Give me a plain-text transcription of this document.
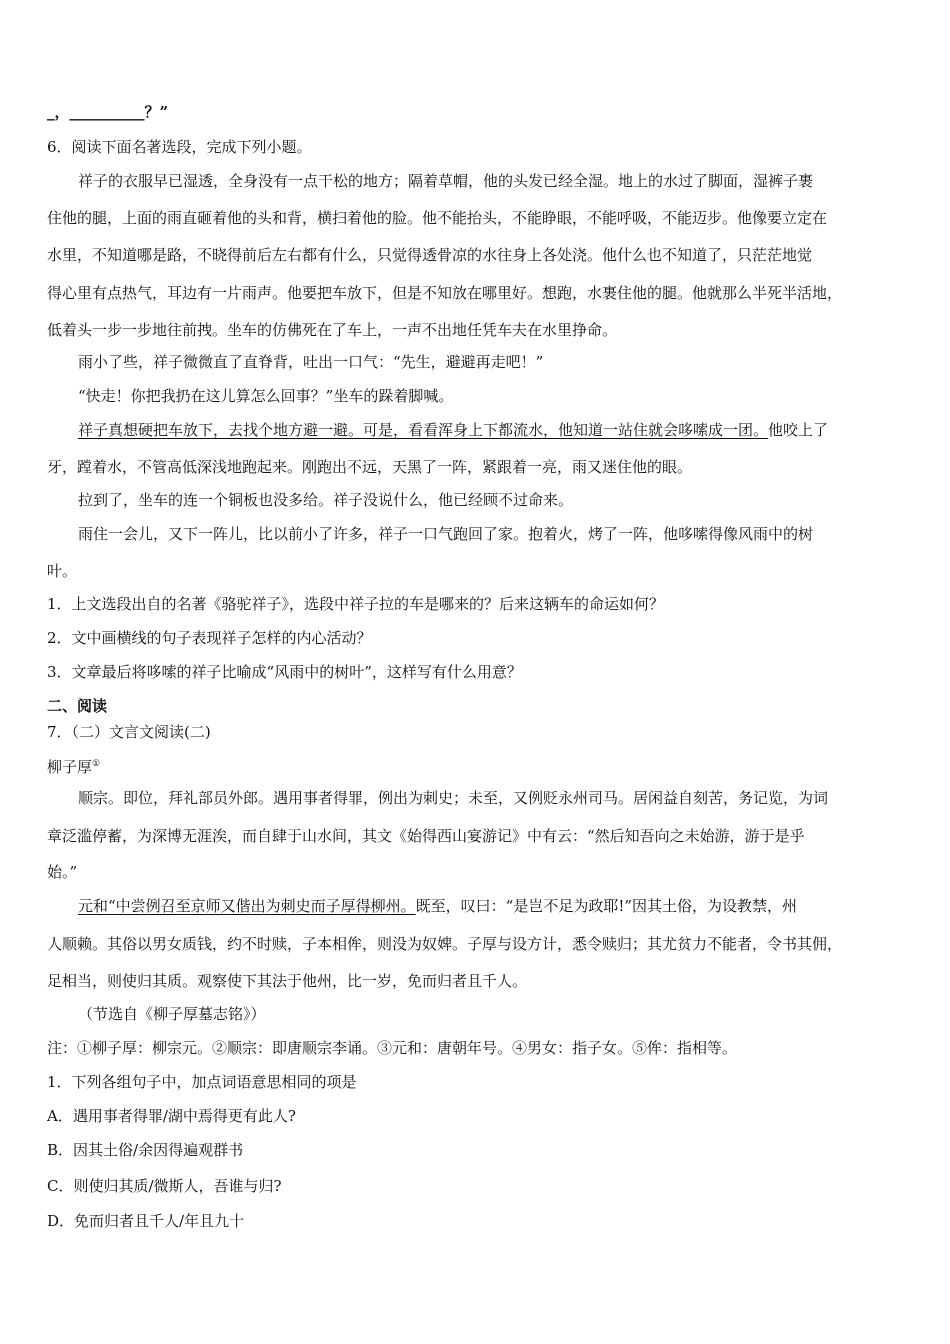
_，__________？”
6．阅读下面名著选段，完成下列小题。
祥子的衣服早已湿透，全身没有一点干松的地方；隔着草帽，他的头发已经全湿。地上的水过了脚面，湿裤子裹
住他的腿，上面的雨直砸着他的头和背，横扫着他的脸。他不能抬头，不能睁眼，不能呼吸，不能迈步。他像要立定在
水里，不知道哪是路，不晓得前后左右都有什么，只觉得透骨凉的水往身上各处浇。他什么也不知道了，只茫茫地觉
得心里有点热气，耳边有一片雨声。他要把车放下，但是不知放在哪里好。想跑，水裹住他的腿。他就那么半死半活地，
低着头一步一步地往前拽。坐车的仿佛死在了车上，一声不出地任凭车夫在水里挣命。
雨小了些，祥子微微直了直脊背，吐出一口气：“先生，避避再走吧！”
“快走！你把我扔在这儿算怎么回事？”坐车的跺着脚喊。
祥子真想硬把车放下，去找个地方避一避。可是，看看浑身上下都流水，他知道一站住就会哆嗦成一团。他咬上了
牙，蹚着水，不管高低深浅地跑起来。刚跑出不远，天黑了一阵，紧跟着一亮，雨又迷住他的眼。
拉到了，坐车的连一个铜板也没多给。祥子没说什么，他已经顾不过命来。
雨住一会儿，又下一阵儿，比以前小了许多，祥子一口气跑回了家。抱着火，烤了一阵，他哆嗦得像风雨中的树
叶。
1．上文选段出自的名著《骆驼祥子》，选段中祥子拉的车是哪来的？后来这辆车的命运如何？
2．文中画横线的句子表现祥子怎样的内心活动？
3．文章最后将哆嗦的祥子比喻成“风雨中的树叶”，这样写有什么用意？
二、阅读
7．（二）文言文阅读(二)
柳子厚①
顺宗。即位，拜礼部员外郎。遇用事者得罪，例出为刺史；未至，又例贬永州司马。居闲益自刻苦，务记览，为词
章泛滥停蓄，为深博无涯涘，而自肆于山水间，其文《始得西山宴游记》中有云：“然后知吾向之未始游，游于是乎
始。”
元和“中尝例召至京师又偕出为刺史而子厚得柳州。既至，叹曰：“是岂不足为政耶!”因其土俗，为设教禁，州
人顺赖。其俗以男女质钱，约不时赎，子本相侔，则没为奴婢。子厚与设方计，悉令赎归；其尤贫力不能者，令书其佣，
足相当，则使归其质。观察使下其法于他州，比一岁，免而归者且千人。
（节选自《柳子厚墓志铭》）
注：①柳子厚：柳宗元。②顺宗：即唐顺宗李诵。③元和：唐朝年号。④男女：指子女。⑤侔：指相等。
1．下列各组句子中，加点词语意思相同的项是
A．遇用事者得罪/湖中焉得更有此人?
B．因其土俗/余因得遍观群书
C．则使归其质/微斯人，吾谁与归?
D．免而归者且千人/年且九十
